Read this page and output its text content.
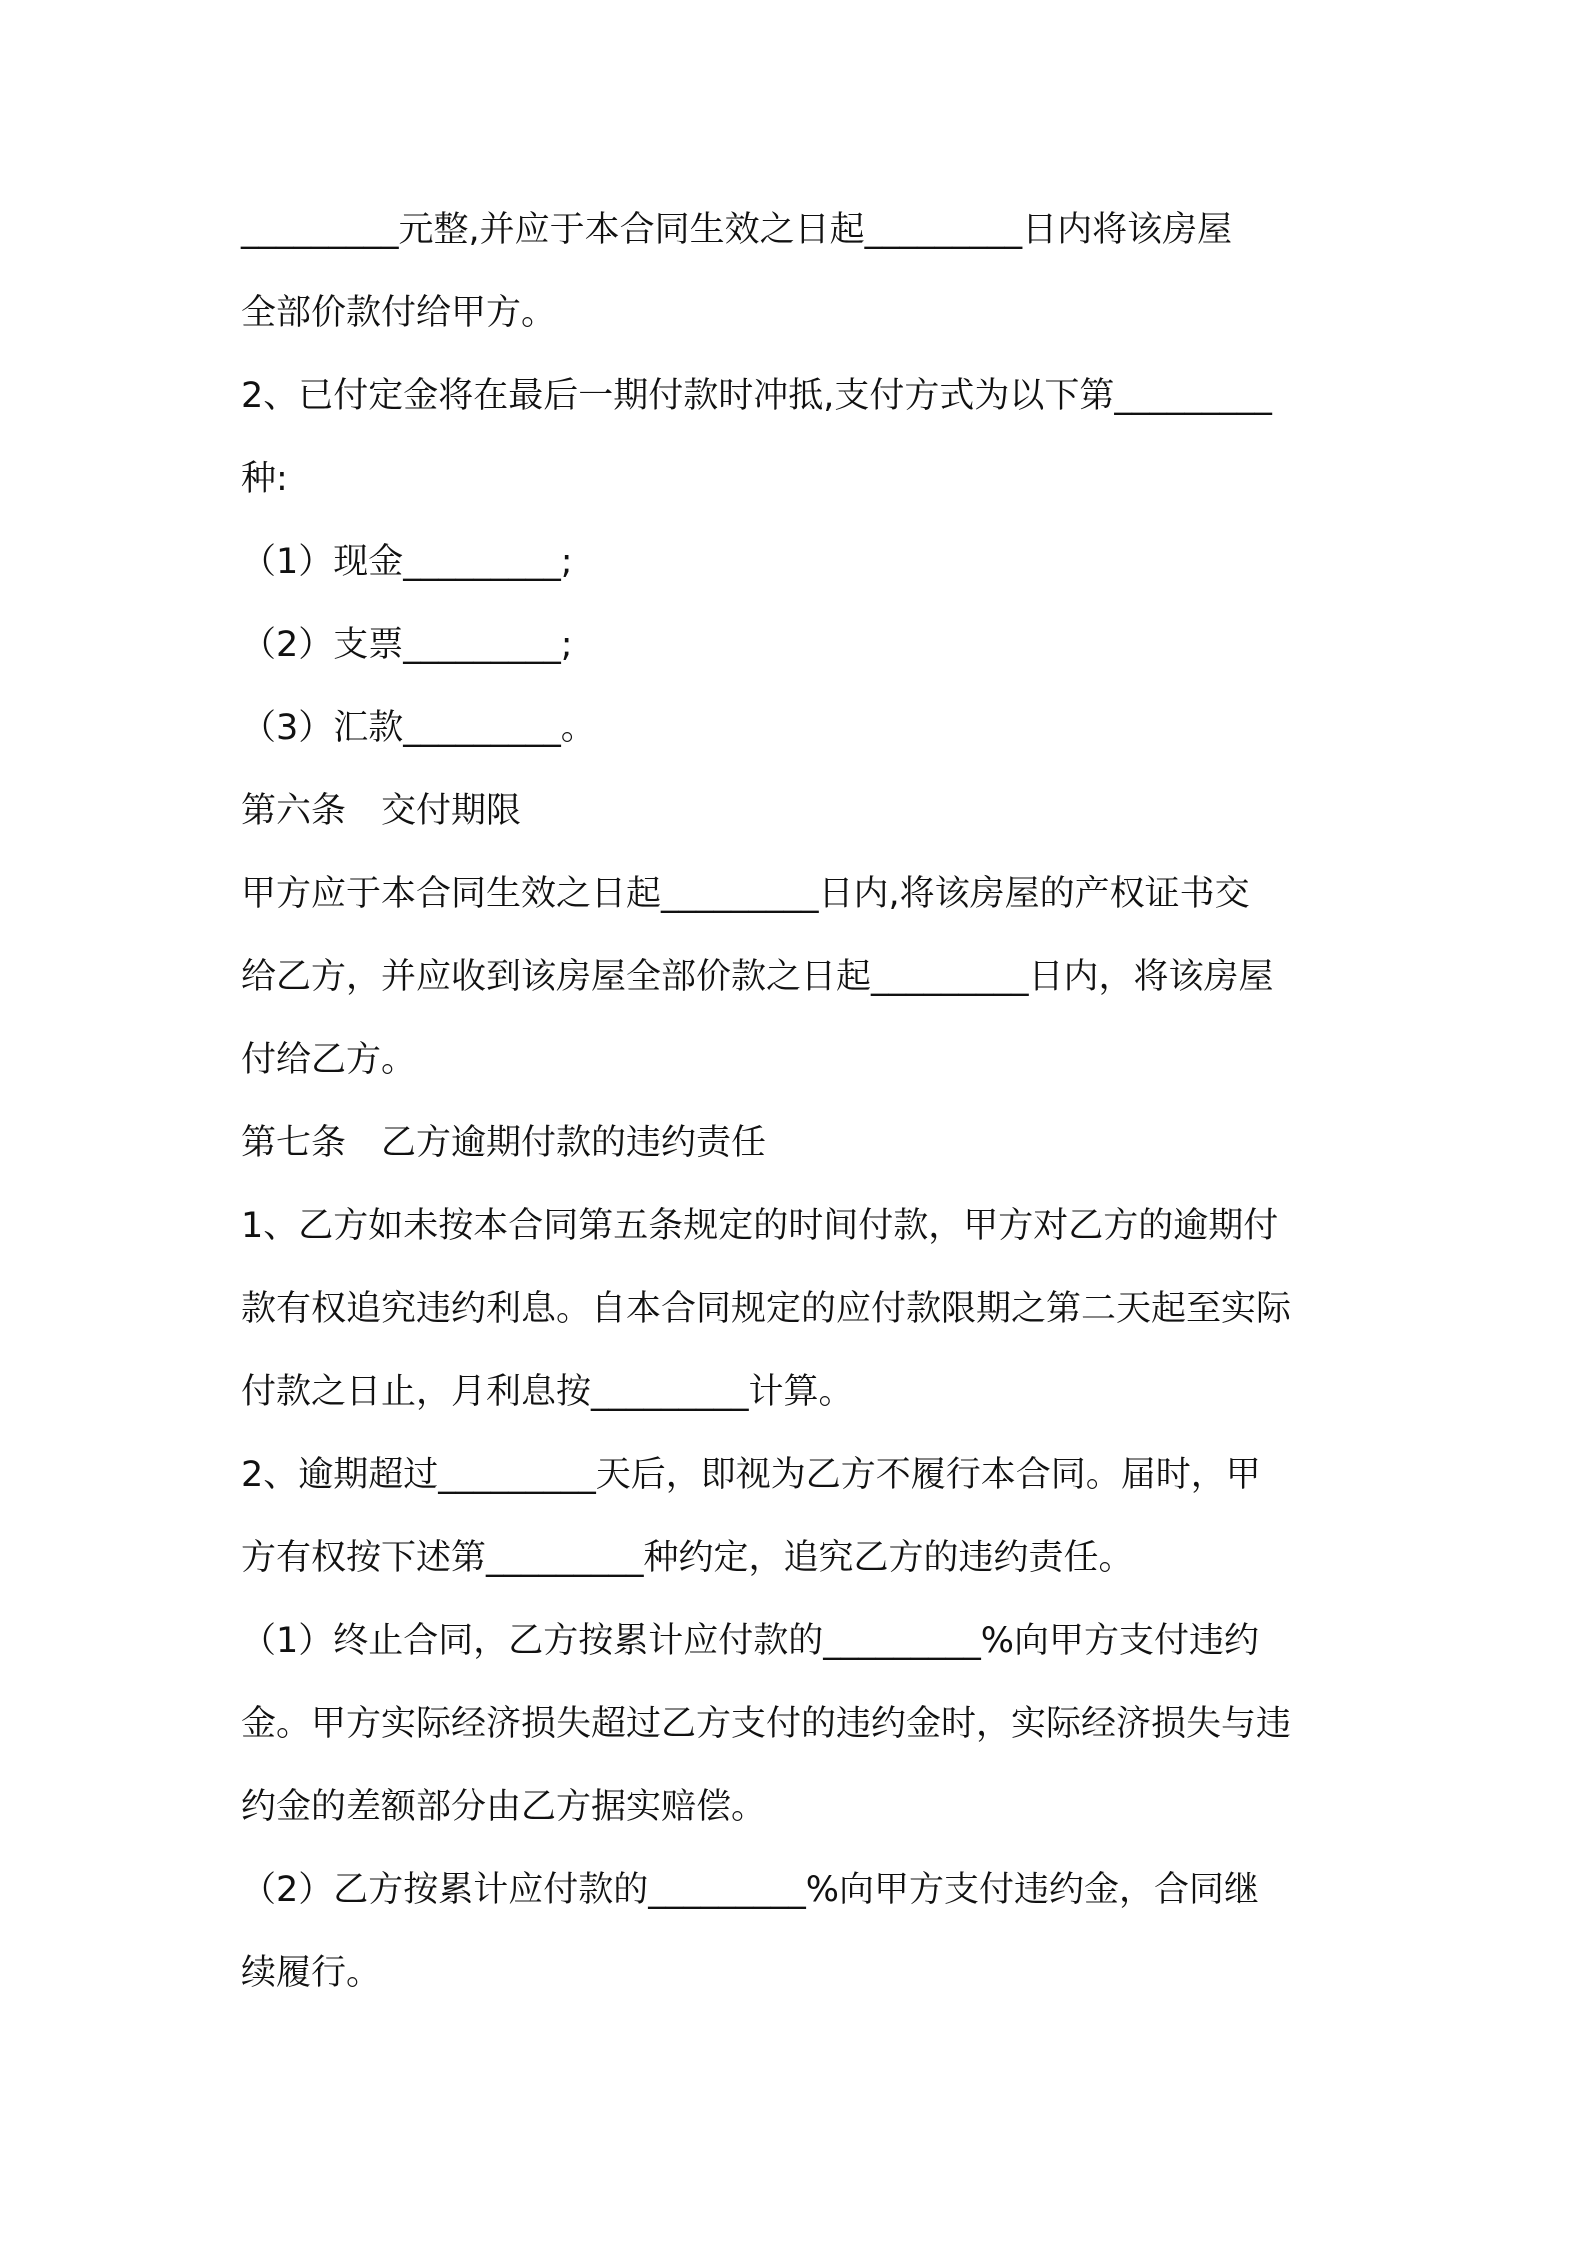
_________元整,并应于本合同生效之日起_________日内将该房屋
全部价款付给甲方。
2、已付定金将在最后一期付款时冲抵,支付方式为以下第_________
种:
（1）现金_________;
（2）支票_________;
（3）汇款_________。
第六条　交付期限
甲方应于本合同生效之日起_________日内,将该房屋的产权证书交
给乙方，并应收到该房屋全部价款之日起_________日内，将该房屋
付给乙方。
第七条　乙方逾期付款的违约责任
1、乙方如未按本合同第五条规定的时间付款，甲方对乙方的逾期付
款有权追究违约利息。自本合同规定的应付款限期之第二天起至实际
付款之日止，月利息按_________计算。
2、逾期超过_________天后，即视为乙方不履行本合同。届时，甲
方有权按下述第_________种约定，追究乙方的违约责任。
（1）终止合同，乙方按累计应付款的_________%向甲方支付违约
金。甲方实际经济损失超过乙方支付的违约金时，实际经济损失与违
约金的差额部分由乙方据实赔偿。
（2）乙方按累计应付款的_________%向甲方支付违约金，合同继
续履行。
